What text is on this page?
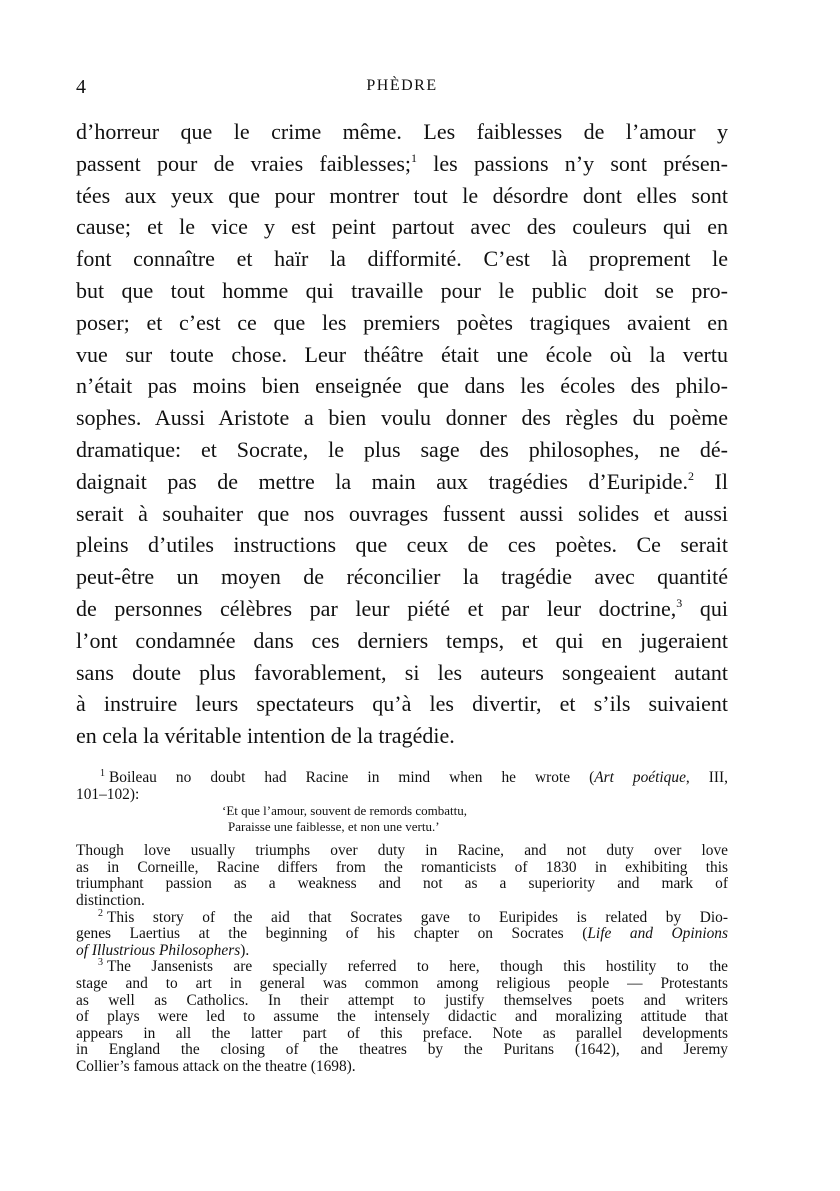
4	PHÈDRE
d’horreur que le crime même. Les faiblesses de l’amour y
passent pour de vraies faiblesses;$^1$ les passions n’y sont présen-
tées aux yeux que pour montrer tout le désordre dont elles sont
cause; et le vice y est peint partout avec des couleurs qui en
font connaître et haïr la difformité. C’est là proprement le
but que tout homme qui travaille pour le public doit se pro-
poser; et c’est ce que les premiers poètes tragiques avaient en
vue sur toute chose. Leur théâtre était une école où la vertu
n’était pas moins bien enseignée que dans les écoles des philo-
sophes. Aussi Aristote a bien voulu donner des règles du poème
dramatique: et Socrate, le plus sage des philosophes, ne dé-
daignait pas de mettre la main aux tragédies d’Euripide.$^2$ Il
serait à souhaiter que nos ouvrages fussent aussi solides et aussi
pleins d’utiles instructions que ceux de ces poètes. Ce serait
peut-être un moyen de réconcilier la tragédie avec quantité
de personnes célèbres par leur piété et par leur doctrine,$^3$ qui
l’ont condamnée dans ces derniers temps, et qui en jugeraient
sans doute plus favorablement, si les auteurs songeaient autant
à instruire leurs spectateurs qu’à les divertir, et s’ils suivaient
en cela la véritable intention de la tragédie.
$^1$ Boileau no doubt had Racine in mind when he wrote (Art poétique, III,
101–102):
‘Et que l’amour, souvent de remords combattu,
Paraisse une faiblesse, et non une vertu.’
Though love usually triumphs over duty in Racine, and not duty over love
as in Corneille, Racine differs from the romanticists of 1830 in exhibiting this
triumphant passion as a weakness and not as a superiority and mark of
distinction.
$^2$ This story of the aid that Socrates gave to Euripides is related by Dio-
genes Laertius at the beginning of his chapter on Socrates (Life and Opinions
of Illustrious Philosophers).
$^3$ The Jansenists are specially referred to here, though this hostility to the
stage and to art in general was common among religious people — Protestants
as well as Catholics. In their attempt to justify themselves poets and writers
of plays were led to assume the intensely didactic and moralizing attitude that
appears in all the latter part of this preface. Note as parallel developments
in England the closing of the theatres by the Puritans (1642), and Jeremy
Collier’s famous attack on the theatre (1698).
